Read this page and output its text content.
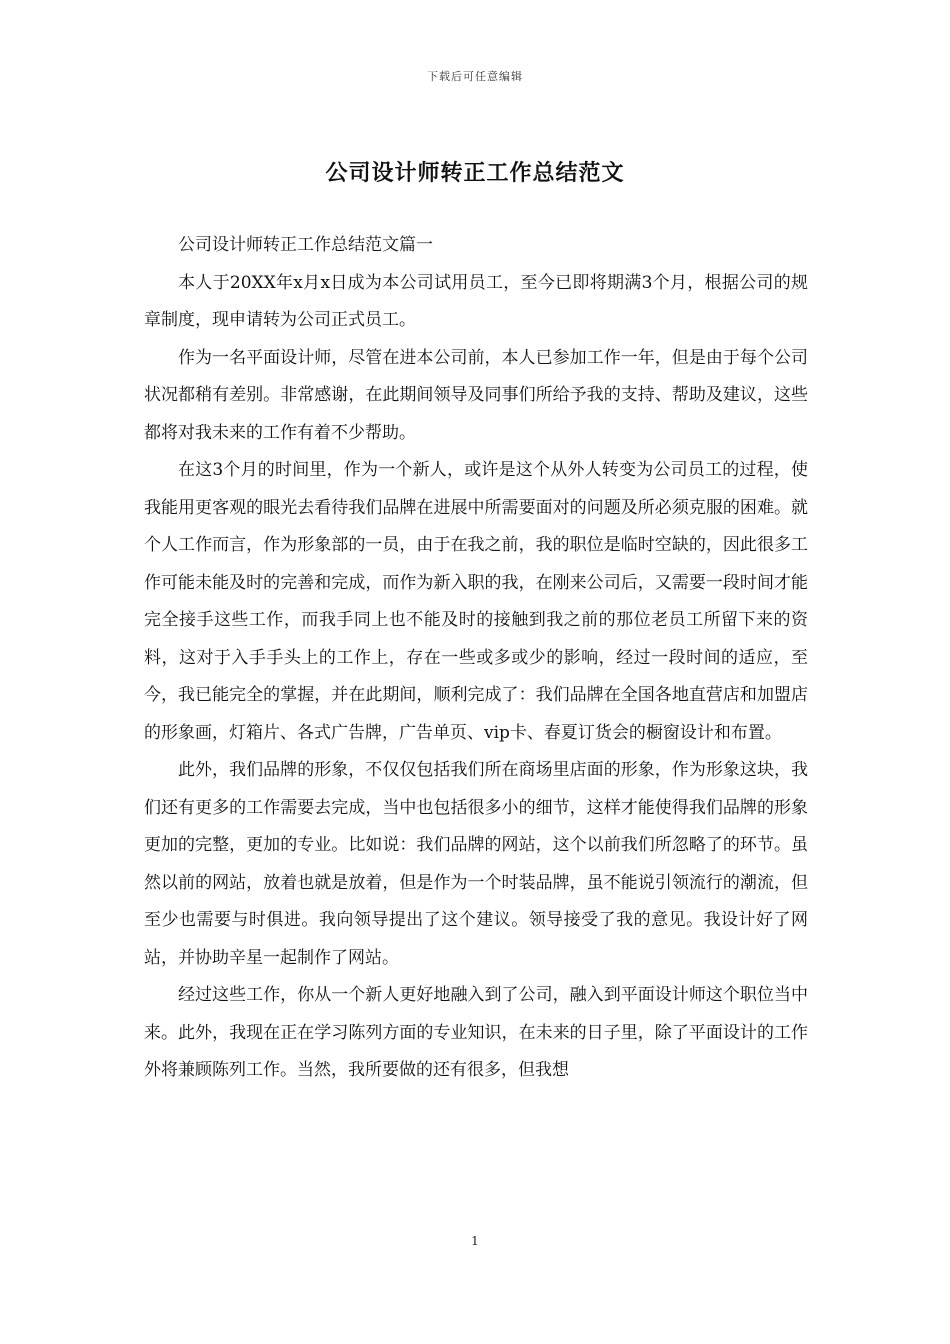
下载后可任意编辑
公司设计师转正工作总结范文

公司设计师转正工作总结范文篇一

本人于20XX年x月x日成为本公司试用员工，至今已即将期满3个月，根据公司的规章制度，现申请转为公司正式员工。

作为一名平面设计师，尽管在进本公司前，本人已参加工作一年，但是由于每个公司状况都稍有差别。非常感谢，在此期间领导及同事们所给予我的支持、帮助及建议，这些都将对我未来的工作有着不少帮助。

在这3个月的时间里，作为一个新人，或许是这个从外人转变为公司员工的过程，使我能用更客观的眼光去看待我们品牌在进展中所需要面对的问题及所必须克服的困难。就个人工作而言，作为形象部的一员，由于在我之前，我的职位是临时空缺的，因此很多工作可能未能及时的完善和完成，而作为新入职的我，在刚来公司后，又需要一段时间才能完全接手这些工作，而我手同上也不能及时的接触到我之前的那位老员工所留下来的资料，这对于入手手头上的工作上，存在一些或多或少的影响，经过一段时间的适应，至今，我已能完全的掌握，并在此期间，顺利完成了：我们品牌在全国各地直营店和加盟店的形象画，灯箱片、各式广告牌，广告单页、vip卡、春夏订货会的橱窗设计和布置。

此外，我们品牌的形象，不仅仅包括我们所在商场里店面的形象，作为形象这块，我们还有更多的工作需要去完成，当中也包括很多小的细节，这样才能使得我们品牌的形象更加的完整，更加的专业。比如说：我们品牌的网站，这个以前我们所忽略了的环节。虽然以前的网站，放着也就是放着，但是作为一个时装品牌，虽不能说引领流行的潮流，但至少也需要与时俱进。我向领导提出了这个建议。领导接受了我的意见。我设计好了网站，并协助辛星一起制作了网站。

经过这些工作，你从一个新人更好地融入到了公司，融入到平面设计师这个职位当中来。此外，我现在正在学习陈列方面的专业知识，在未来的日子里，除了平面设计的工作外将兼顾陈列工作。当然，我所要做的还有很多，但我想

1
